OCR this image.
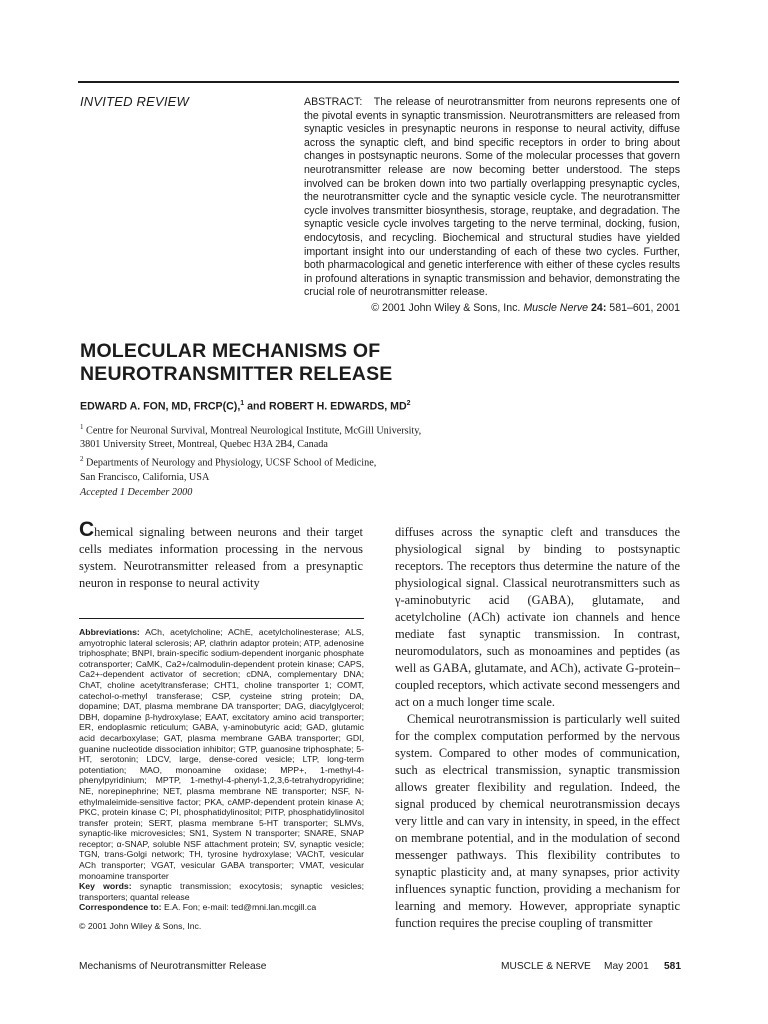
INVITED REVIEW	ABSTRACT: The release of neurotransmitter from neurons represents one of the pivotal events in synaptic transmission. Neurotransmitters are released from synaptic vesicles in presynaptic neurons in response to neural activity, diffuse across the synaptic cleft, and bind specific receptors in order to bring about changes in postsynaptic neurons. Some of the molecular processes that govern neurotransmitter release are now becoming better understood. The steps involved can be broken down into two partially overlapping presynaptic cycles, the neurotransmitter cycle and the synaptic vesicle cycle. The neurotransmitter cycle involves transmitter biosynthesis, storage, reuptake, and degradation. The synaptic vesicle cycle involves targeting to the nerve terminal, docking, fusion, endocytosis, and recycling. Biochemical and structural studies have yielded important insight into our understanding of each of these two cycles. Further, both pharmacological and genetic interference with either of these cycles results in profound alterations in synaptic transmission and behavior, demonstrating the crucial role of neurotransmitter release.
© 2001 John Wiley & Sons, Inc. Muscle Nerve 24: 581–601, 2001
MOLECULAR MECHANISMS OF
NEUROTRANSMITTER RELEASE
EDWARD A. FON, MD, FRCP(C),$^1$ and ROBERT H. EDWARDS, $MD^2$
$^1$ Centre for Neuronal Survival, Montreal Neurological Institute, McGill University,
3801 University Street, Montreal, Quebec H3A 2B4, Canada
$^2$ Departments of Neurology and Physiology, UCSF School of Medicine,
San Francisco, California, USA
Accepted 1 December 2000
Chemical signaling between neurons and their target cells mediates information processing in the nervous system. Neurotransmitter released from a presynaptic neuron in response to neural activity

Abbreviations: ACh, acetylcholine; AChE, acetylcholinesterase; ALS, amyotrophic lateral sclerosis; AP, clathrin adaptor protein; ATP, adenosine triphosphate; BNPI, brain-specific sodium-dependent inorganic phosphate cotransporter; CaMK, Ca2+/calmodulin-dependent protein kinase; CAPS, Ca2+-dependent activator of secretion; cDNA, complementary DNA; ChAT, choline acetyltransferase; CHT1, choline transporter 1; COMT, catechol-o-methyl transferase; CSP, cysteine string protein; DA, dopamine; DAT, plasma membrane DA transporter; DAG, diacylglycerol; DBH, dopamine β-hydroxylase; EAAT, excitatory amino acid transporter; ER, endoplasmic reticulum; GABA, γ-aminobutyric acid; GAD, glutamic acid decarboxylase; GAT, plasma membrane GABA transporter; GDI, guanine nucleotide dissociation inhibitor; GTP, guanosine triphosphate; 5-HT, serotonin; LDCV, large, dense-cored vesicle; LTP, long-term potentiation; MAO, monoamine oxidase; MPP+, 1-methyl-4-phenylpyridinium; MPTP, 1-methyl-4-phenyl-1,2,3,6-tetrahydropyridine; NE, norepinephrine; NET, plasma membrane NE transporter; NSF, N-ethylmaleimide-sensitive factor; PKA, cAMP-dependent protein kinase A; PKC, protein kinase C; PI, phosphatidylinositol; PITP, phosphatidylinositol transfer protein; SERT, plasma membrane 5-HT transporter; SLMVs, synaptic-like microvesicles; SN1, System N transporter; SNARE, SNAP receptor; α-SNAP, soluble NSF attachment protein; SV, synaptic vesicle; TGN, trans-Golgi network; TH, tyrosine hydroxylase; VAChT, vesicular ACh transporter; VGAT, vesicular GABA transporter; VMAT, vesicular monoamine transporter

Key words: synaptic transmission; exocytosis; synaptic vesicles; transporters; quantal release

Correspondence to: E.A. Fon; e-mail: ted@mni.lan.mcgill.ca

© 2001 John Wiley & Sons, Inc.

diffuses across the synaptic cleft and transduces the physiological signal by binding to postsynaptic receptors. The receptors thus determine the nature of the physiological signal. Classical neurotransmitters such as γ-aminobutyric acid (GABA), glutamate, and acetylcholine (ACh) activate ion channels and hence mediate fast synaptic transmission. In contrast, neuromodulators, such as monoamines and peptides (as well as GABA, glutamate, and ACh), activate G-protein–coupled receptors, which activate second messengers and act on a much longer time scale.

Chemical neurotransmission is particularly well suited for the complex computation performed by the nervous system. Compared to other modes of communication, such as electrical transmission, synaptic transmission allows greater flexibility and regulation. Indeed, the signal produced by chemical neurotransmission decays very little and can vary in intensity, in speed, in the effect on membrane potential, and in the modulation of second messenger pathways. This flexibility contributes to synaptic plasticity and, at many synapses, prior activity influences synaptic function, providing a mechanism for learning and memory. However, appropriate synaptic function requires the precise coupling of transmitter

Mechanisms of Neurotransmitter Release	MUSCLE & NERVE May 2001 581
